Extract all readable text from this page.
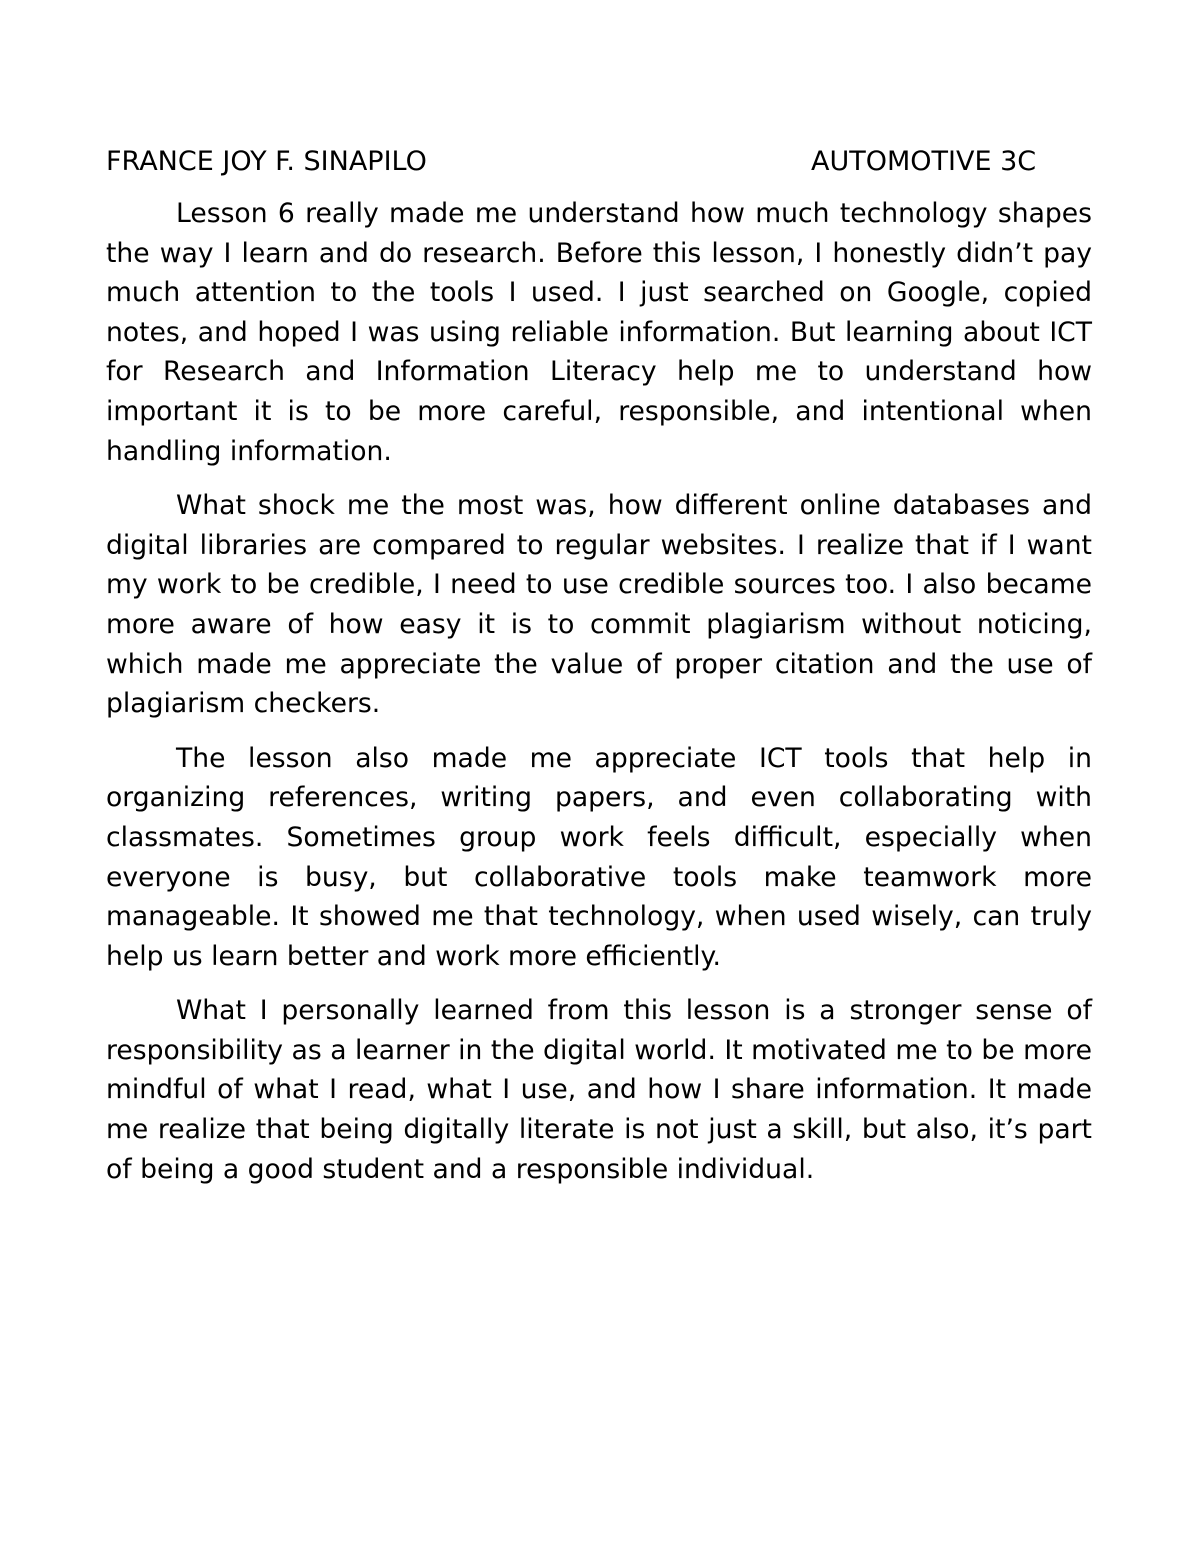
FRANCE JOY F. SINAPILO	AUTOMOTIVE 3C

Lesson 6 really made me understand how much technology shapes the way I learn and do research. Before this lesson, I honestly didn’t pay much attention to the tools I used. I just searched on Google, copied notes, and hoped I was using reliable information. But learning about ICT for Research and Information Literacy help me to understand how important it is to be more careful, responsible, and intentional when handling information.

What shock me the most was, how different online databases and digital libraries are compared to regular websites. I realize that if I want my work to be credible, I need to use credible sources too. I also became more aware of how easy it is to commit plagiarism without noticing, which made me appreciate the value of proper citation and the use of plagiarism checkers.

The lesson also made me appreciate ICT tools that help in organizing references, writing papers, and even collaborating with classmates. Sometimes group work feels difficult, especially when everyone is busy, but collaborative tools make teamwork more manageable. It showed me that technology, when used wisely, can truly help us learn better and work more efficiently.

What I personally learned from this lesson is a stronger sense of responsibility as a learner in the digital world. It motivated me to be more mindful of what I read, what I use, and how I share information. It made me realize that being digitally literate is not just a skill, but also, it’s part of being a good student and a responsible individual.
